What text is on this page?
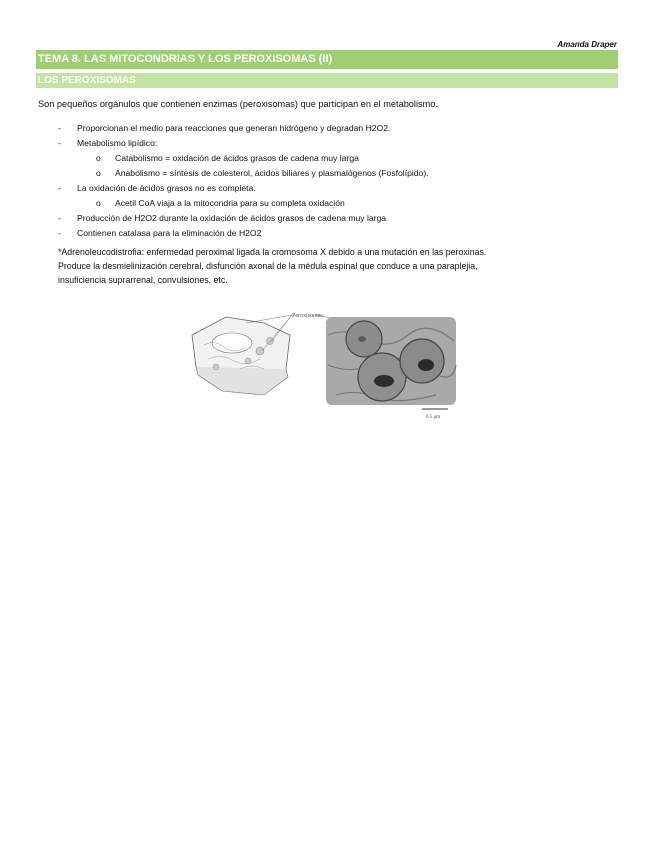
Amanda Draper
TEMA 8. LAS MITOCONDRIAS Y LOS PEROXISOMAS (II)
LOS PEROXISOMAS
Son pequeños orgánulos que contienen enzimas (peroxisomas) que participan en el metabolismo.
- Proporcionan el medio para reacciones que generan hidrógeno y degradan H2O2.
- Metabolismo lipídico:
o Catabolismo = oxidación de ácidos grasos de cadena muy larga
o Anabolismo = síntesis de colesterol, ácidos biliares y plasmalógenos (Fosfolípido).
- La oxidación de ácidos grasos no es completa.
o Acetil CoA viaja a la mitocondria para su completa oxidación
- Producción de H2O2 durante la oxidación de ácidos grasos de cadena muy larga
- Contienen catalasa para la eliminación de H2O2

*Adrenoleucodistrofia: enfermedad peroximal ligada la cromosoma X debido a una mutación en las peroxinas.

Produce la desmielinización cerebral, disfunción axonal de la médula espinal que conduce a una paraplejia,

insuficiencia suprarrenal, convulsiones, etc.

Peroxisomes
0.5 μm
